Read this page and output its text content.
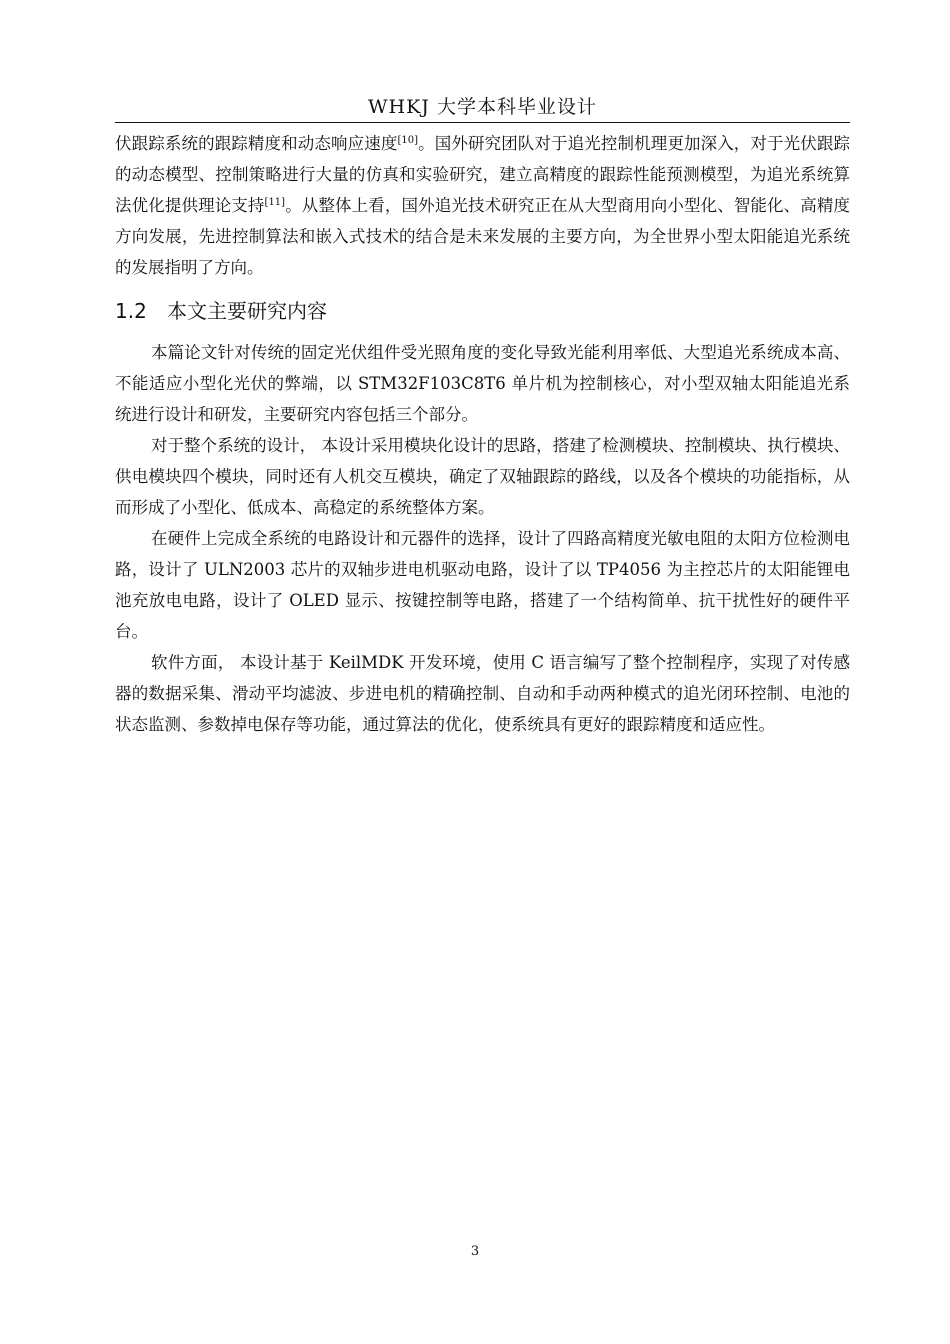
WHKJ 大学本科毕业设计

伏跟踪系统的跟踪精度和动态响应速度[10]。国外研究团队对于追光控制机理更加深入，对于光伏跟踪的动态模型、控制策略进行大量的仿真和实验研究，建立高精度的跟踪性能预测模型，为追光系统算法优化提供理论支持[11]。从整体上看，国外追光技术研究正在从大型商用向小型化、智能化、高精度方向发展，先进控制算法和嵌入式技术的结合是未来发展的主要方向，为全世界小型太阳能追光系统的发展指明了方向。

1.2 本文主要研究内容

本篇论文针对传统的固定光伏组件受光照角度的变化导致光能利用率低、大型追光系统成本高、不能适应小型化光伏的弊端，以 STM32F103C8T6 单片机为控制核心，对小型双轴太阳能追光系统进行设计和研发，主要研究内容包括三个部分。

对于整个系统的设计， 本设计采用模块化设计的思路，搭建了检测模块、控制模块、执行模块、供电模块四个模块，同时还有人机交互模块，确定了双轴跟踪的路线，以及各个模块的功能指标，从而形成了小型化、低成本、高稳定的系统整体方案。

在硬件上完成全系统的电路设计和元器件的选择，设计了四路高精度光敏电阻的太阳方位检测电路，设计了 ULN2003 芯片的双轴步进电机驱动电路，设计了以 TP4056 为主控芯片的太阳能锂电池充放电电路，设计了 OLED 显示、按键控制等电路，搭建了一个结构简单、抗干扰性好的硬件平台。

软件方面， 本设计基于 KeilMDK 开发环境，使用 C 语言编写了整个控制程序，实现了对传感器的数据采集、滑动平均滤波、步进电机的精确控制、自动和手动两种模式的追光闭环控制、电池的状态监测、参数掉电保存等功能，通过算法的优化，使系统具有更好的跟踪精度和适应性。

3
